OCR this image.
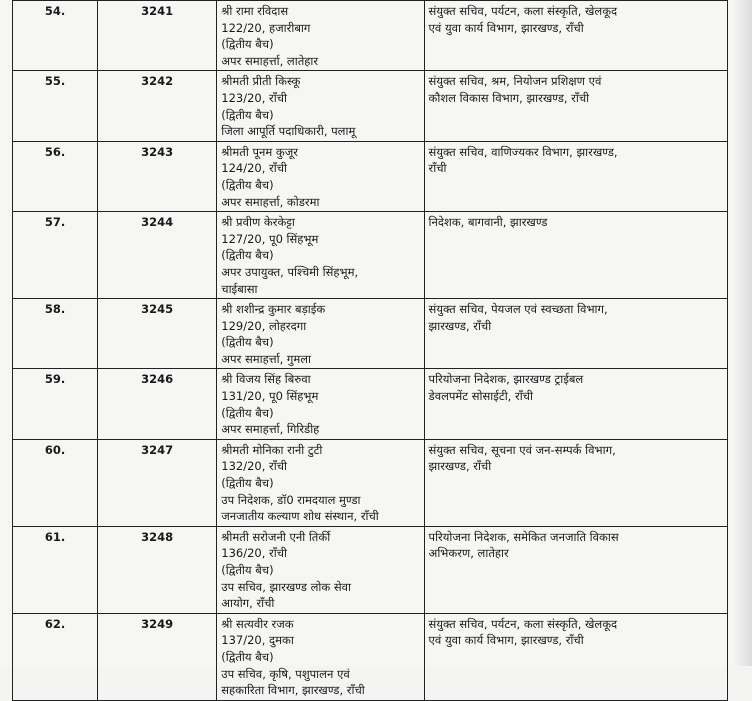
54.	3241	श्री रामा रविदास
122/20, हजारीबाग
(द्वितीय बैच)
अपर समाहर्त्ता, लातेहार	संयुक्त सचिव, पर्यटन, कला संस्कृति, खेलकूद
एवं युवा कार्य विभाग, झारखण्ड, राँची

55.	3242	श्रीमती प्रीती किस्कू
123/20, राँची
(द्वितीय बैच)
जिला आपूर्ति पदाधिकारी, पलामू	संयुक्त सचिव, श्रम, नियोजन प्रशिक्षण एवं
कौशल विकास विभाग, झारखण्ड, राँची

56.	3243	श्रीमती पूनम कुजूर
124/20, राँची
(द्वितीय बैच)
अपर समाहर्त्ता, कोडरमा	संयुक्त सचिव, वाणिज्यकर विभाग, झारखण्ड,
राँची

57.	3244	श्री प्रवीण केरकेट्टा
127/20, पू0 सिंहभूम
(द्वितीय बैच)
अपर उपायुक्त, पश्चिमी सिंहभूम,
चाईबासा	निदेशक, बागवानी, झारखण्ड

58.	3245	श्री शशीन्द्र कुमार बड़ाईक
129/20, लोहरदगा
(द्वितीय बैच)
अपर समाहर्त्ता, गुमला	संयुक्त सचिव, पेयजल एवं स्वच्छता विभाग,
झारखण्ड, राँची

59.	3246	श्री विजय सिंह बिरुवा
131/20, पू0 सिंहभूम
(द्वितीय बैच)
अपर समाहर्त्ता, गिरिडीह	परियोजना निदेशक, झारखण्ड ट्राईबल
डेवलपमेंट सोसाईटी, राँची

60.	3247	श्रीमती मोनिका रानी टुटी
132/20, राँची
(द्वितीय बैच)
उप निदेशक, डॉ0 रामदयाल मुण्डा
जनजातीय कल्याण शोध संस्थान, राँची	संयुक्त सचिव, सूचना एवं जन-सम्पर्क विभाग,
झारखण्ड, राँची

61.	3248	श्रीमती सरोजनी एनी तिर्की
136/20, राँची
(द्वितीय बैच)
उप सचिव, झारखण्ड लोक सेवा
आयोग, राँची	परियोजना निदेशक, समेकित जनजाति विकास
अभिकरण, लातेहार

62.	3249	श्री सत्यवीर रजक
137/20, दुमका
(द्वितीय बैच)
उप सचिव, कृषि, पशुपालन एवं
सहकारिता विभाग, झारखण्ड, राँची	संयुक्त सचिव, पर्यटन, कला संस्कृति, खेलकूद
एवं युवा कार्य विभाग, झारखण्ड, राँची
